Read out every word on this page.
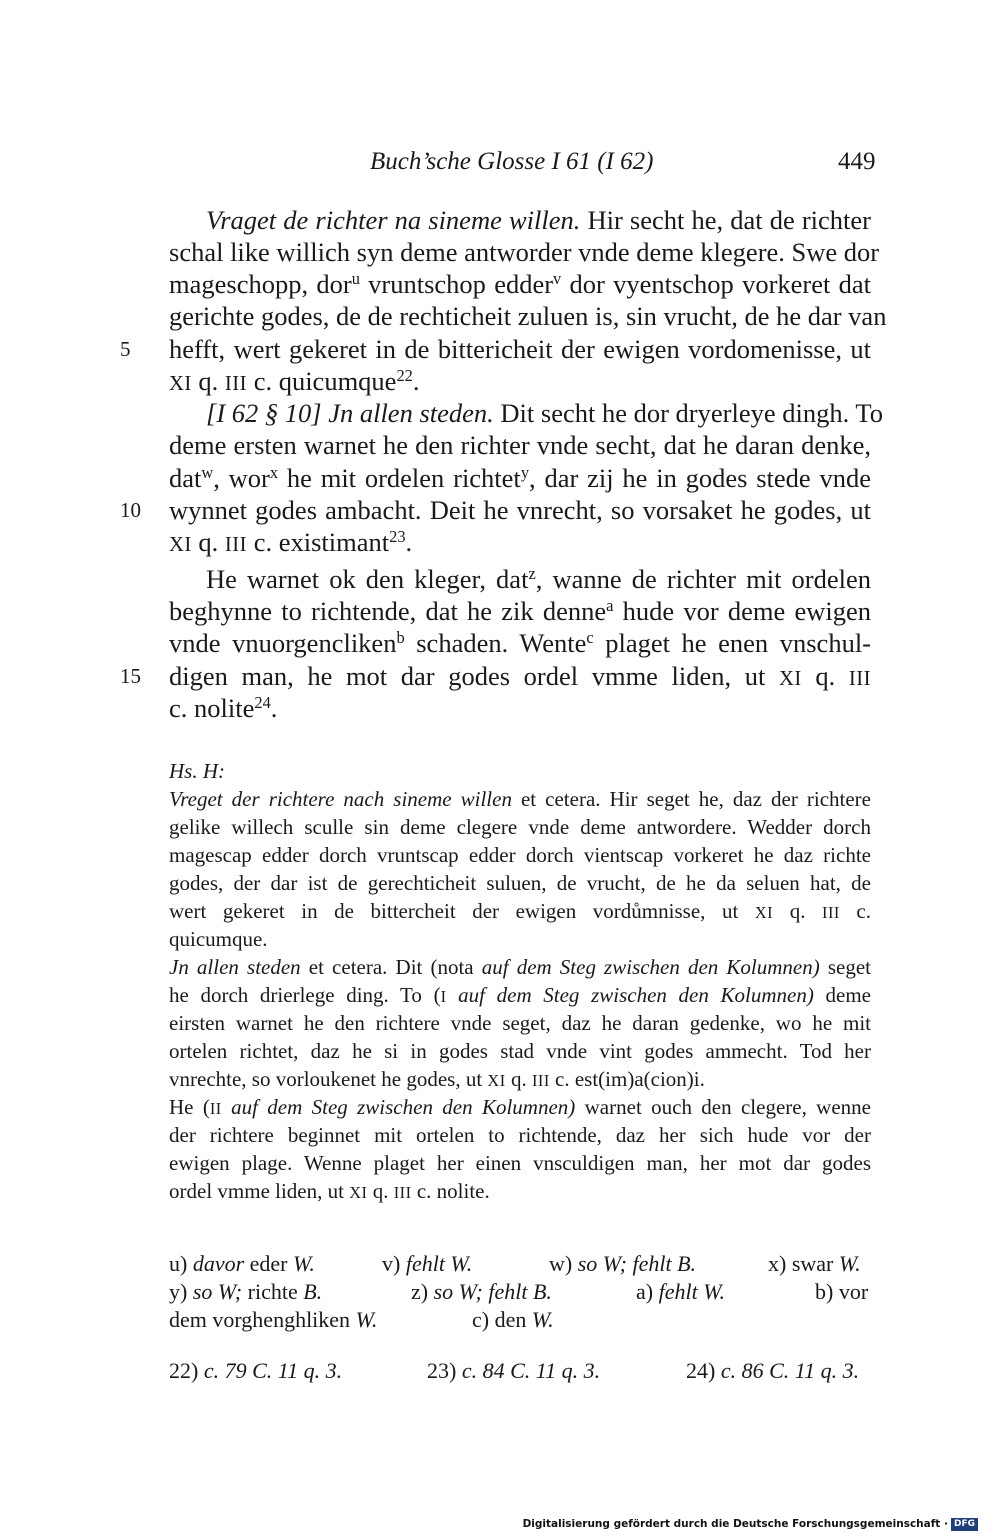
Buch’sche Glosse I 61 (I 62)	449
Vraget de richter na sineme willen. Hir secht he, dat de richter
schal like willich syn deme antworder vnde deme klegere. Swe dor
mageschopp, dor$^u$ vruntschop edder$^v$ dor vyentschop vorkeret dat
gerichte godes, de de rechticheit zuluen is, sin vrucht, de he dar van
5 hefft, wert gekeret in de bittericheit der ewigen vordomenisse, ut
XI q. III c. quicumque$^{22}$.
[I 62 § 10] Jn allen steden. Dit secht he dor dryerleye dingh. To
deme ersten warnet he den richter vnde secht, dat he daran denke,
dat$^w$, wor$^x$ he mit ordelen richtet$^y$, dar zij he in godes stede vnde
10 wynnet godes ambacht. Deit he vnrecht, so vorsaket he godes, ut
XI q. III c. existimant$^{23}$.
He warnet ok den kleger, dat$^z$, wanne de richter mit ordelen
beghynne to richtende, dat he zik denne$^a$ hude vor deme ewigen
vnde vnuorgencliken$^b$ schaden. Wente$^c$ plaget he enen vnschul-
15 digen man, he mot dar godes ordel vmme liden, ut XI q. III
c. nolite$^{24}$.
Hs. H:
Vreget der richtere nach sineme willen et cetera. Hir seget he, daz der richtere
gelike willech sculle sin deme clegere vnde deme antwordere. Wedder dorch
magescap edder dorch vruntscap edder dorch vientscap vorkeret he daz richte
godes, der dar ist de gerechticheit suluen, de vrucht, de he da seluen hat, de
wert gekeret in de bittercheit der ewigen vordůmnisse, ut XI q. III c.
quicumque.
Jn allen steden et cetera. Dit (nota auf dem Steg zwischen den Kolumnen) seget
he dorch drierlege ding. To (I auf dem Steg zwischen den Kolumnen) deme
eirsten warnet he den richtere vnde seget, daz he daran gedenke, wo he mit
ortelen richtet, daz he si in godes stad vnde vint godes ammecht. Tod her
vnrechte, so vorloukenet he godes, ut XI q. III c. est(im)a(cion)i.
He (II auf dem Steg zwischen den Kolumnen) warnet ouch den clegere, wenne
der richtere beginnet mit ortelen to richtende, daz her sich hude vor der
ewigen plage. Wenne plaget her einen vnsculdigen man, her mot dar godes
ordel vmme liden, ut XI q. III c. nolite.
u) davor eder W.	v) fehlt W.	w) so W; fehlt B.	x) swar W.
y) so W; richte B.	z) so W; fehlt B.	a) fehlt W.	b) vor
dem vorghenghliken W.	c) den W.
22) c. 79 C. 11 q. 3.	23) c. 84 C. 11 q. 3.	24) c. 86 C. 11 q. 3.
Digitalisierung gefördert durch die Deutsche Forschungsgemeinschaft · DFG
